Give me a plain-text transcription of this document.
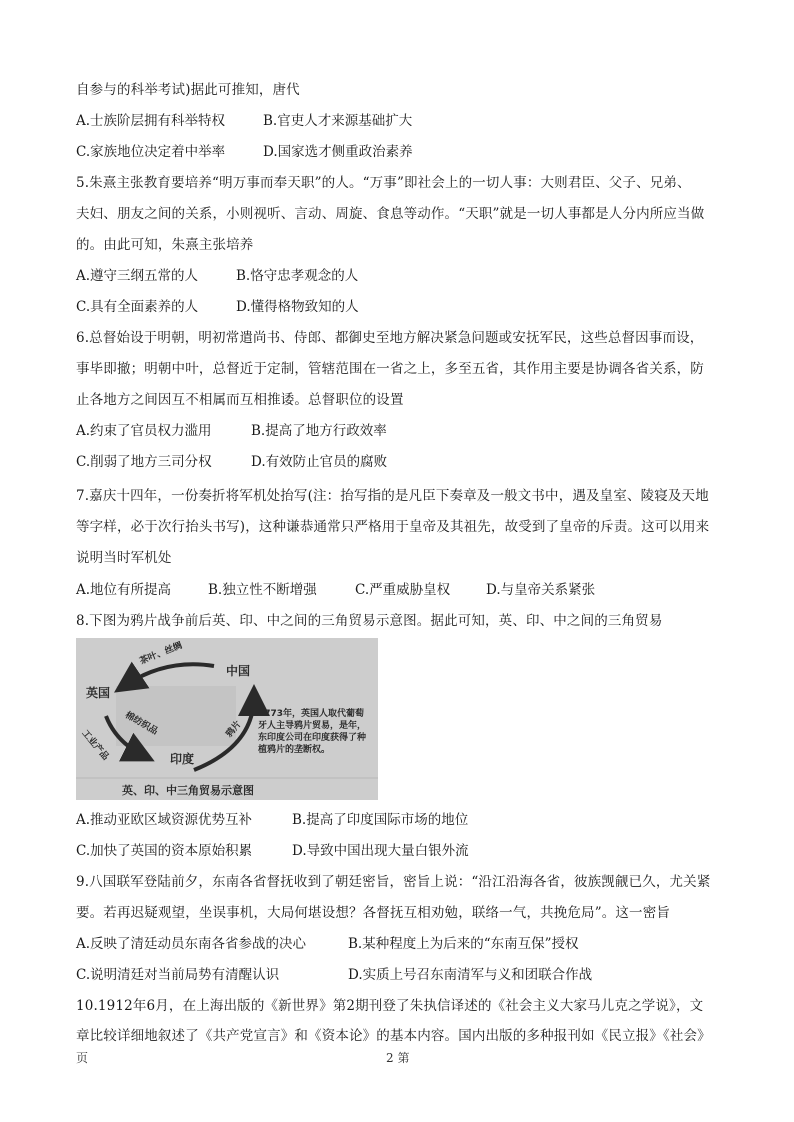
自参与的科举考试)据此可推知，唐代
A.士族阶层拥有科举特权	B.官吏人才来源基础扩大
C.家族地位决定着中举率	D.国家选才侧重政治素养
5.朱熹主张教育要培养“明万事而奉天职”的人。“万事”即社会上的一切人事：大则君臣、父子、兄弟、
夫妇、朋友之间的关系，小则视听、言动、周旋、食息等动作。“天职”就是一切人事都是人分内所应当做
的。由此可知，朱熹主张培养
A.遵守三纲五常的人	B.恪守忠孝观念的人
C.具有全面素养的人	D.懂得格物致知的人
6.总督始设于明朝，明初常遣尚书、侍郎、都御史至地方解决紧急问题或安抚军民，这些总督因事而设，
事毕即撤；明朝中叶，总督近于定制，管辖范围在一省之上，多至五省，其作用主要是协调各省关系，防
止各地方之间因互不相属而互相推诿。总督职位的设置
A.约束了官员权力滥用	B.提高了地方行政效率
C.削弱了地方三司分权	D.有效防止官员的腐败
7.嘉庆十四年，一份奏折将军机处抬写(注：抬写指的是凡臣下奏章及一般文书中，遇及皇室、陵寝及天地
等字样，必于次行抬头书写)，这种谦恭通常只严格用于皇帝及其祖先，故受到了皇帝的斥责。这可以用来
说明当时军机处
A.地位有所提高	B.独立性不断增强	C.严重威胁皇权	D.与皇帝关系紧张
8.下图为鸦片战争前后英、印、中之间的三角贸易示意图。据此可知，英、印、中之间的三角贸易
中国
英国
印度
茶叶、丝绸
棉纺织品
工业产品	鸦片
1773年，英国人取代葡萄牙人主导鸦片贸易，是年，东印度公司在印度获得了种植鸦片的垄断权。
英、印、中三角贸易示意图
A.推动亚欧区域资源优势互补	B.提高了印度国际市场的地位
C.加快了英国的资本原始积累	D.导致中国出现大量白银外流
9.八国联军登陆前夕，东南各省督抚收到了朝廷密旨，密旨上说：“沿江沿海各省，彼族觊觎已久，尤关紧
要。若再迟疑观望，坐误事机，大局何堪设想？各督抚互相劝勉，联络一气，共挽危局”。这一密旨
A.反映了清廷动员东南各省参战的决心	B.某种程度上为后来的“东南互保”授权
C.说明清廷对当前局势有清醒认识	D.实质上号召东南清军与义和团联合作战
10.1912年6月，在上海出版的《新世界》第2期刊登了朱执信译述的《社会主义大家马儿克之学说》，文
章比较详细地叙述了《共产党宣言》和《资本论》的基本内容。国内出版的多种报刊如《民立报》《社会》
页	2 第
